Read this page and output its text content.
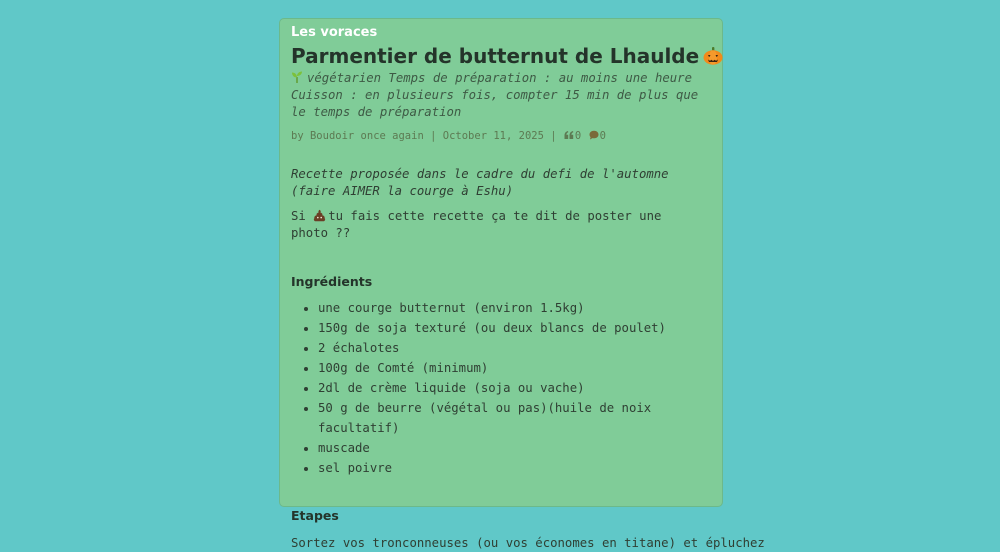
Les voraces
Parmentier de butternut de Lhaulde
végétarien Temps de préparation : au moins une heure Cuisson : en plusieurs fois, compter 15 min de plus que le temps de préparation
by Boudoir once again | October 11, 2025 | 0 0
Recette proposée dans le cadre du defi de l'automne (faire AIMER la courge à Eshu)
Si tu fais cette recette ça te dit de poster une photo ??
Ingrédients
• une courge butternut (environ 1.5kg)
• 150g de soja texturé (ou deux blancs de poulet)
• 2 échalotes
• 100g de Comté (minimum)
• 2dl de crème liquide (soja ou vache)
• 50 g de beurre (végétal ou pas)(huile de noix facultatif)
• muscade
• sel poivre
Etapes
Sortez vos tronconneuses (ou vos économes en titane) et épluchez
